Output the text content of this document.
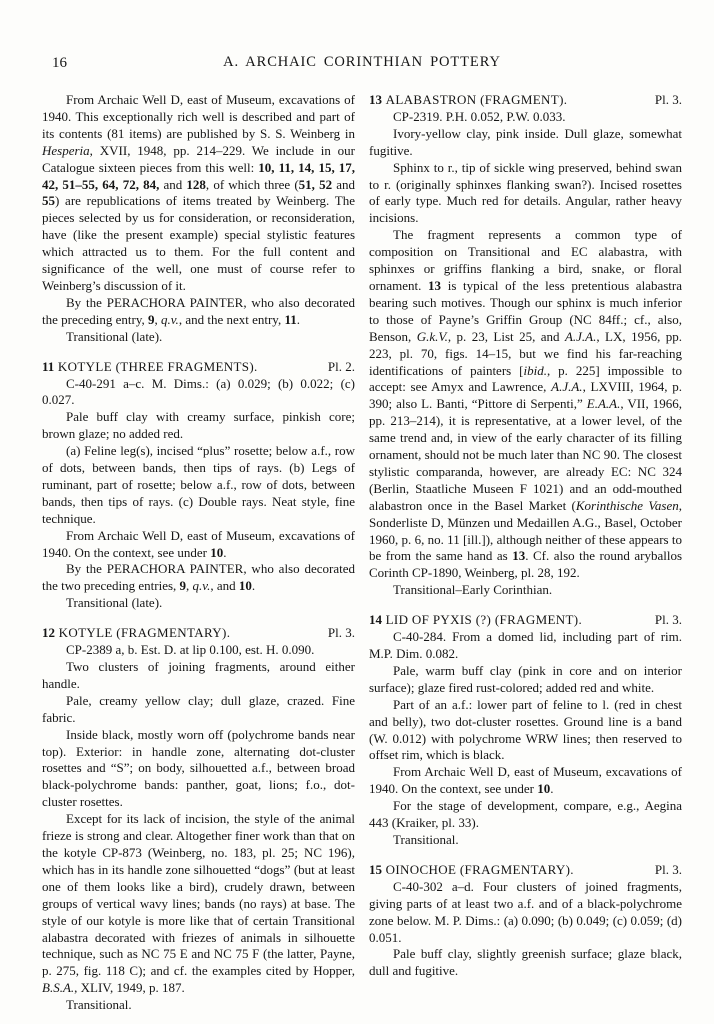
16	A. ARCHAIC CORINTHIAN POTTERY

From Archaic Well D, east of Museum, excavations of 1940. This exceptionally rich well is described and part of its contents (81 items) are published by S. S. Weinberg in Hesperia, XVII, 1948, pp. 214–229. We include in our Catalogue sixteen pieces from this well: 10, 11, 14, 15, 17, 42, 51–55, 64, 72, 84, and 128, of which three (51, 52 and 55) are republications of items treated by Weinberg. The pieces selected by us for consideration, or reconsideration, have (like the present example) special stylistic features which attracted us to them. For the full content and significance of the well, one must of course refer to Weinberg’s discussion of it.

By the PERACHORA PAINTER, who also decorated the preceding entry, 9, q.v., and the next entry, 11.

Transitional (late).

11 KOTYLE (THREE FRAGMENTS).	Pl. 2.

C-40-291 a–c. M. Dims.: (a) 0.029; (b) 0.022; (c) 0.027.

Pale buff clay with creamy surface, pinkish core; brown glaze; no added red.

(a) Feline leg(s), incised “plus” rosette; below a.f., row of dots, between bands, then tips of rays. (b) Legs of ruminant, part of rosette; below a.f., row of dots, between bands, then tips of rays. (c) Double rays. Neat style, fine technique.

From Archaic Well D, east of Museum, excavations of 1940. On the context, see under 10.

By the PERACHORA PAINTER, who also decorated the two preceding entries, 9, q.v., and 10.

Transitional (late).

12 KOTYLE (FRAGMENTARY).	Pl. 3.

CP-2389 a, b. Est. D. at lip 0.100, est. H. 0.090.

Two clusters of joining fragments, around either handle.

Pale, creamy yellow clay; dull glaze, crazed. Fine fabric.

Inside black, mostly worn off (polychrome bands near top). Exterior: in handle zone, alternating dot-cluster rosettes and “S”; on body, silhouetted a.f., between broad black-polychrome bands: panther, goat, lions; f.o., dot-cluster rosettes.

Except for its lack of incision, the style of the animal frieze is strong and clear. Altogether finer work than that on the kotyle CP-873 (Weinberg, no. 183, pl. 25; NC 196), which has in its handle zone silhouetted “dogs” (but at least one of them looks like a bird), crudely drawn, between groups of vertical wavy lines; bands (no rays) at base. The style of our kotyle is more like that of certain Transitional alabastra decorated with friezes of animals in silhouette technique, such as NC 75 E and NC 75 F (the latter, Payne, p. 275, fig. 118 C); and cf. the examples cited by Hopper, B.S.A., XLIV, 1949, p. 187.

Transitional.

13 ALABASTRON (FRAGMENT).	Pl. 3.

CP-2319. P.H. 0.052, P.W. 0.033.

Ivory-yellow clay, pink inside. Dull glaze, somewhat fugitive.

Sphinx to r., tip of sickle wing preserved, behind swan to r. (originally sphinxes flanking swan?). Incised rosettes of early type. Much red for details. Angular, rather heavy incisions.

The fragment represents a common type of composition on Transitional and EC alabastra, with sphinxes or griffins flanking a bird, snake, or floral ornament. 13 is typical of the less pretentious alabastra bearing such motives. Though our sphinx is much inferior to those of Payne’s Griffin Group (NC 84ff.; cf., also, Benson, G.k.V., p. 23, List 25, and A.J.A., LX, 1956, pp. 223, pl. 70, figs. 14–15, but we find his far-reaching identifications of painters [ibid., p. 225] impossible to accept: see Amyx and Lawrence, A.J.A., LXVIII, 1964, p. 390; also L. Banti, “Pittore di Serpenti,” E.A.A., VII, 1966, pp. 213–214), it is representative, at a lower level, of the same trend and, in view of the early character of its filling ornament, should not be much later than NC 90. The closest stylistic comparanda, however, are already EC: NC 324 (Berlin, Staatliche Museen F 1021) and an odd-mouthed alabastron once in the Basel Market (Korinthische Vasen, Sonderliste D, Münzen und Medaillen A.G., Basel, October 1960, p. 6, no. 11 [ill.]), although neither of these appears to be from the same hand as 13. Cf. also the round aryballos Corinth CP-1890, Weinberg, pl. 28, 192.

Transitional–Early Corinthian.

14 LID OF PYXIS (?) (FRAGMENT).	Pl. 3.

C-40-284. From a domed lid, including part of rim. M.P. Dim. 0.082.

Pale, warm buff clay (pink in core and on interior surface); glaze fired rust-colored; added red and white.

Part of an a.f.: lower part of feline to l. (red in chest and belly), two dot-cluster rosettes. Ground line is a band (W. 0.012) with polychrome WRW lines; then reserved to offset rim, which is black.

From Archaic Well D, east of Museum, excavations of 1940. On the context, see under 10.

For the stage of development, compare, e.g., Aegina 443 (Kraiker, pl. 33).

Transitional.

15 OINOCHOE (FRAGMENTARY).	Pl. 3.

C-40-302 a–d. Four clusters of joined fragments, giving parts of at least two a.f. and of a black-polychrome zone below. M. P. Dims.: (a) 0.090; (b) 0.049; (c) 0.059; (d) 0.051.

Pale buff clay, slightly greenish surface; glaze black, dull and fugitive.
